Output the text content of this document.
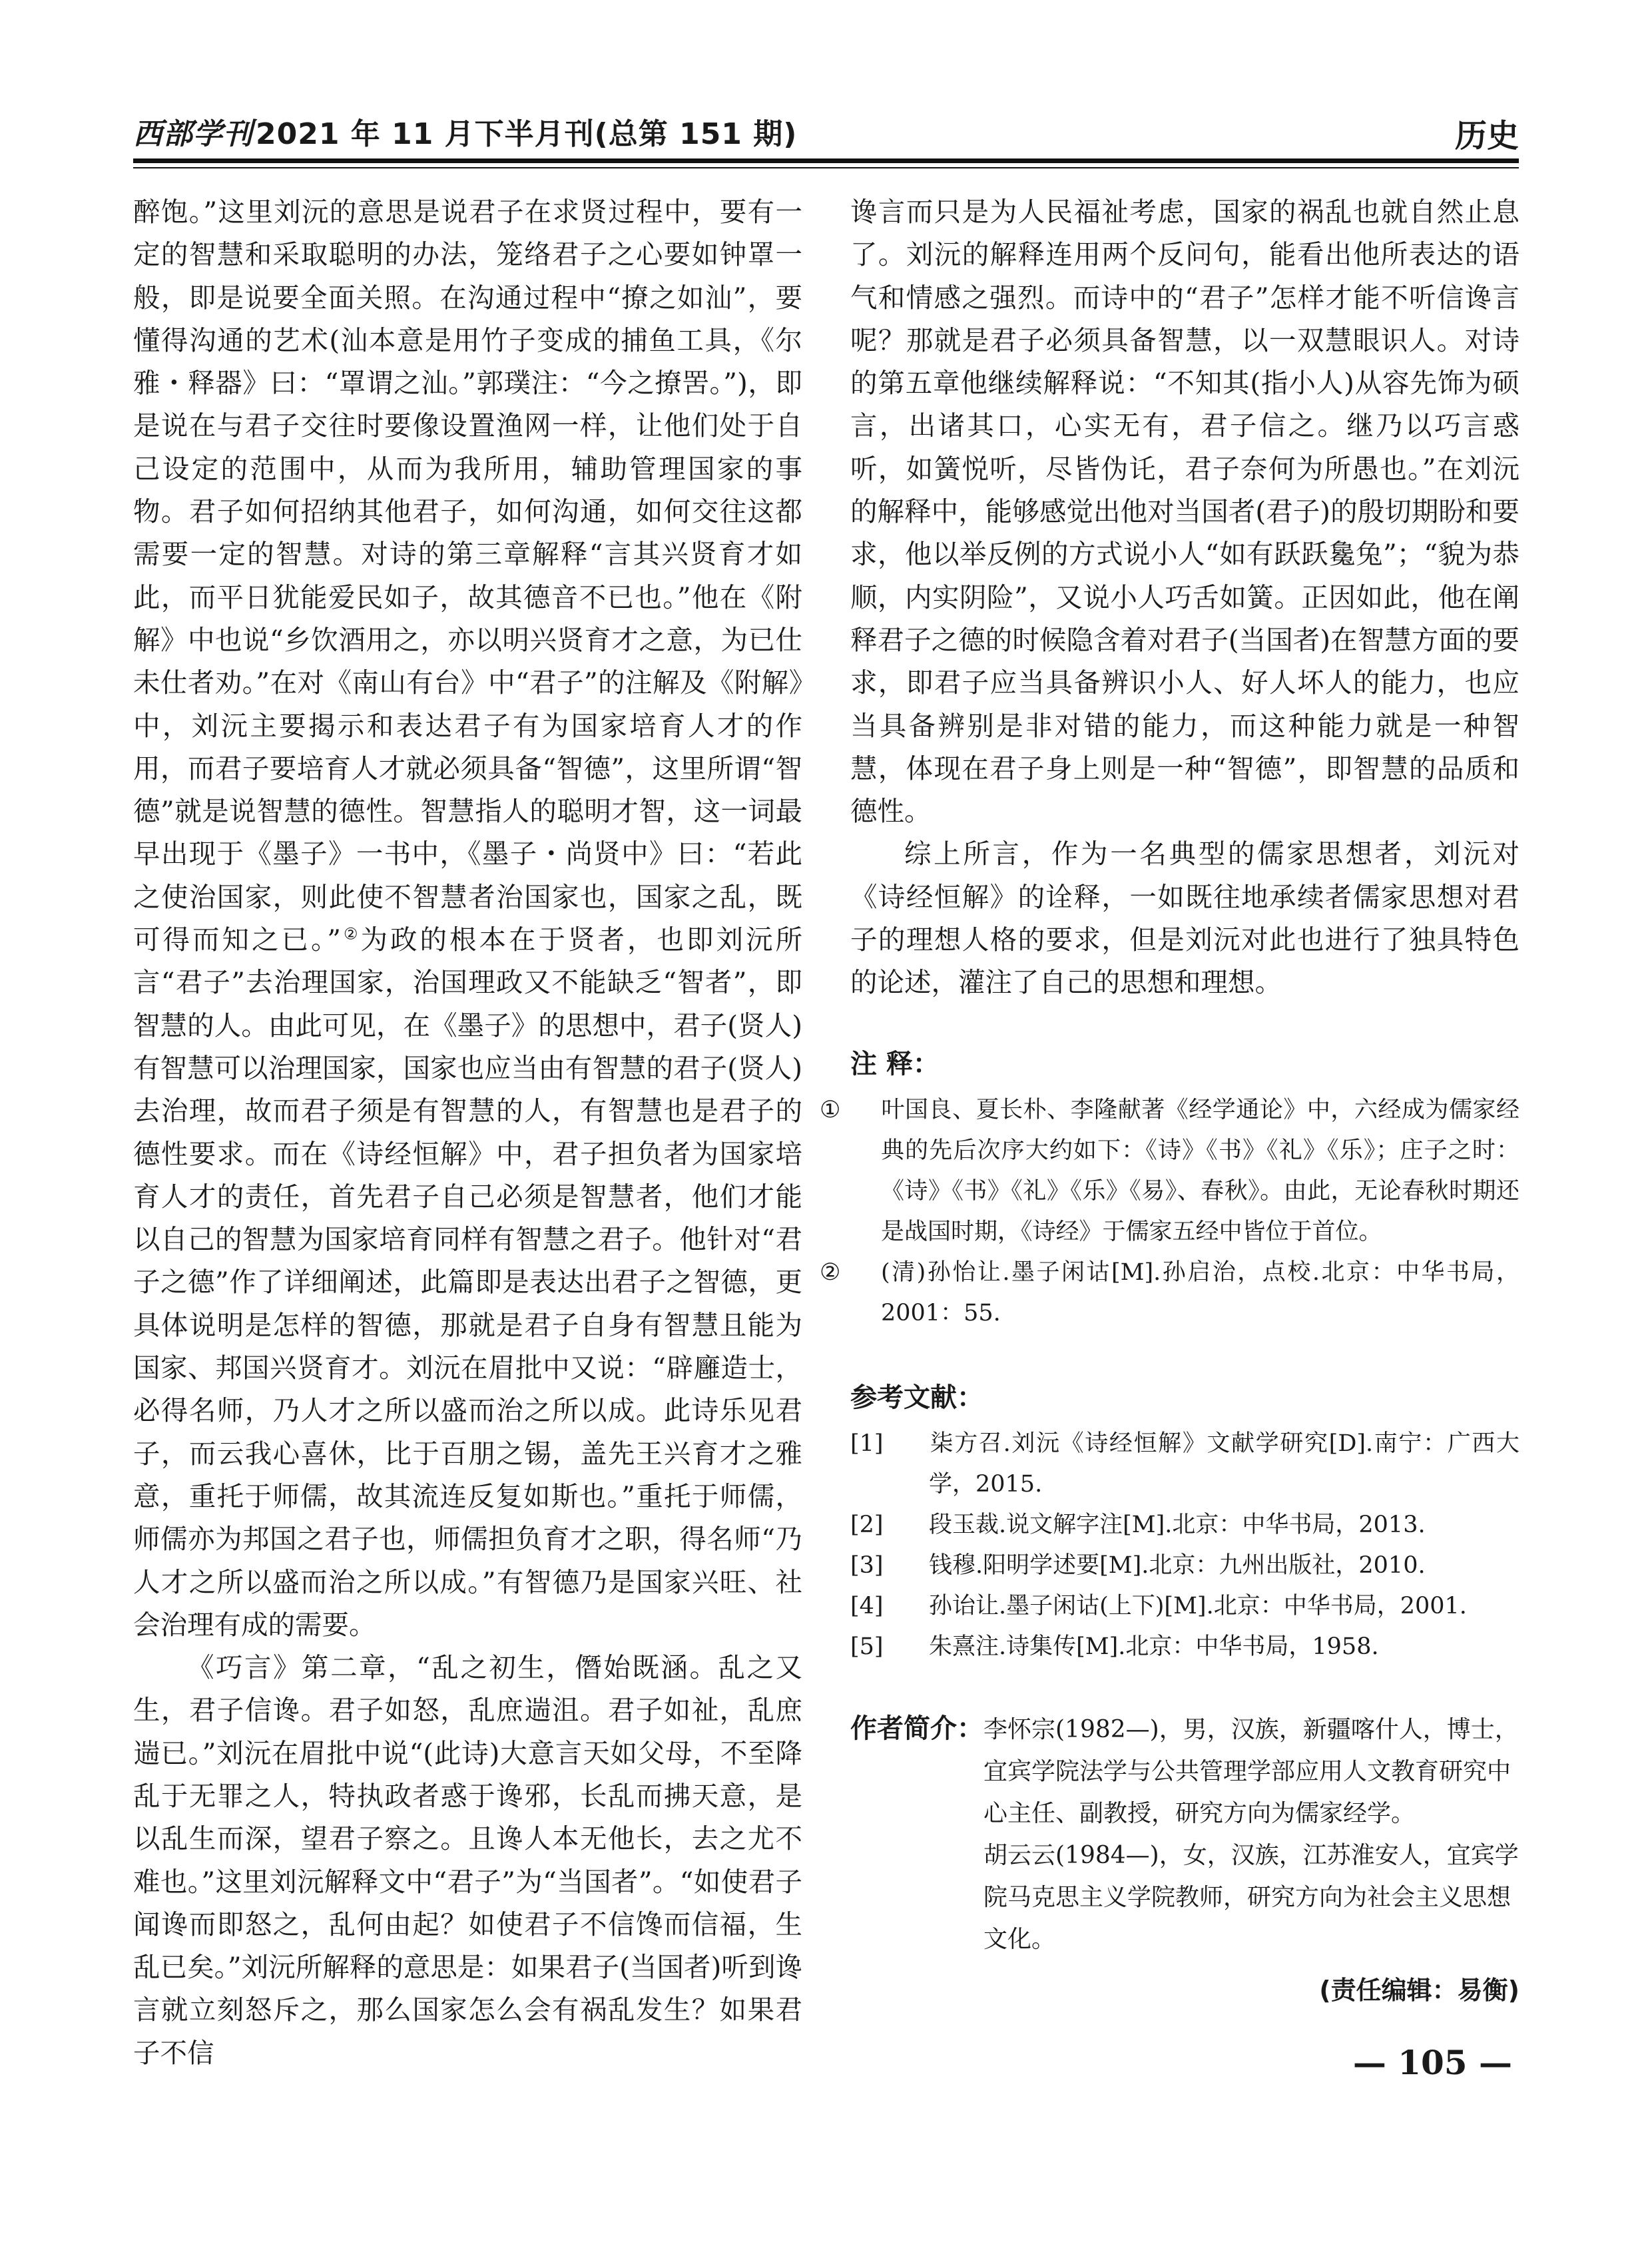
西部学刊2021 年 11 月下半月刊(总第 151 期)	历史

醉饱。”这里刘沅的意思是说君子在求贤过程中，要有一定的智慧和采取聪明的办法，笼络君子之心要如钟罩一般，即是说要全面关照。在沟通过程中“撩之如汕”，要懂得沟通的艺术(汕本意是用竹子变成的捕鱼工具，《尔雅・释器》曰：“罩谓之汕。”郭璞注：“今之撩罟。”)，即是说在与君子交往时要像设置渔网一样，让他们处于自己设定的范围中，从而为我所用，辅助管理国家的事物。君子如何招纳其他君子，如何沟通，如何交往这都需要一定的智慧。对诗的第三章解释“言其兴贤育才如此，而平日犹能爱民如子，故其德音不已也。”他在《附解》中也说“乡饮酒用之，亦以明兴贤育才之意，为已仕未仕者劝。”在对《南山有台》中“君子”的注解及《附解》中，刘沅主要揭示和表达君子有为国家培育人才的作用，而君子要培育人才就必须具备“智德”，这里所谓“智德”就是说智慧的德性。智慧指人的聪明才智，这一词最早出现于《墨子》一书中，《墨子・尚贤中》曰：“若此之使治国家，则此使不智慧者治国家也，国家之乱，既可得而知之已。”②为政的根本在于贤者，也即刘沅所言“君子”去治理国家，治国理政又不能缺乏“智者”，即智慧的人。由此可见，在《墨子》的思想中，君子(贤人)有智慧可以治理国家，国家也应当由有智慧的君子(贤人)去治理，故而君子须是有智慧的人，有智慧也是君子的德性要求。而在《诗经恒解》中，君子担负者为国家培育人才的责任，首先君子自己必须是智慧者，他们才能以自己的智慧为国家培育同样有智慧之君子。他针对“君子之德”作了详细阐述，此篇即是表达出君子之智德，更具体说明是怎样的智德，那就是君子自身有智慧且能为国家、邦国兴贤育才。刘沅在眉批中又说：“辟廱造士，必得名师，乃人才之所以盛而治之所以成。此诗乐见君子，而云我心喜休，比于百朋之锡，盖先王兴育才之雅意，重托于师儒，故其流连反复如斯也。”重托于师儒，师儒亦为邦国之君子也，师儒担负育才之职，得名师“乃人才之所以盛而治之所以成。”有智德乃是国家兴旺、社会治理有成的需要。

《巧言》第二章，“乱之初生，僭始既涵。乱之又生，君子信谗。君子如怒，乱庶遄沮。君子如祉，乱庶遄已。”刘沅在眉批中说“(此诗)大意言天如父母，不至降乱于无罪之人，特执政者惑于谗邪，长乱而拂天意，是以乱生而深，望君子察之。且谗人本无他长，去之尤不难也。”这里刘沅解释文中“君子”为“当国者”。“如使君子闻谗而即怒之，乱何由起？如使君子不信馋而信福，生乱已矣。”刘沅所解释的意思是：如果君子(当国者)听到谗言就立刻怒斥之，那么国家怎么会有祸乱发生？如果君子不信

谗言而只是为人民福祉考虑，国家的祸乱也就自然止息了。刘沅的解释连用两个反问句，能看出他所表达的语气和情感之强烈。而诗中的“君子”怎样才能不听信谗言呢？那就是君子必须具备智慧，以一双慧眼识人。对诗的第五章他继续解释说：“不知其(指小人)从容先饰为硕言，出诸其口，心实无有，君子信之。继乃以巧言惑听，如簧悦听，尽皆伪讬，君子奈何为所愚也。”在刘沅的解释中，能够感觉出他对当国者(君子)的殷切期盼和要求，他以举反例的方式说小人“如有跃跃毚兔”；“貌为恭顺，内实阴险”，又说小人巧舌如簧。正因如此，他在阐释君子之德的时候隐含着对君子(当国者)在智慧方面的要求，即君子应当具备辨识小人、好人坏人的能力，也应当具备辨别是非对错的能力，而这种能力就是一种智慧，体现在君子身上则是一种“智德”，即智慧的品质和德性。

综上所言，作为一名典型的儒家思想者，刘沅对《诗经恒解》的诠释，一如既往地承续者儒家思想对君子的理想人格的要求，但是刘沅对此也进行了独具特色的论述，灌注了自己的思想和理想。

注 释：

① 叶国良、夏长朴、李隆献著《经学通论》中，六经成为儒家经典的先后次序大约如下：《诗》《书》《礼》《乐》；庄子之时：《诗》《书》《礼》《乐》《易》、春秋》。由此，无论春秋时期还是战国时期，《诗经》于儒家五经中皆位于首位。

② (清)孙怡让.墨子闲诂[M].孙启治，点校.北京：中华书局，2001：55.

参考文献：

[1] 柒方召.刘沅《诗经恒解》文献学研究[D].南宁：广西大学，2015.

[2] 段玉裁.说文解字注[M].北京：中华书局，2013.

[3] 钱穆.阳明学述要[M].北京：九州出版社，2010.

[4] 孙诒让.墨子闲诂(上下)[M].北京：中华书局，2001.

[5] 朱熹注.诗集传[M].北京：中华书局，1958.

作者简介： 李怀宗(1982—)，男，汉族，新疆喀什人，博士，宜宾学院法学与公共管理学部应用人文教育研究中心主任、副教授，研究方向为儒家经学。

胡云云(1984—)，女，汉族，江苏淮安人，宜宾学院马克思主义学院教师，研究方向为社会主义思想文化。

(责任编辑：易衡)

— 105 —
